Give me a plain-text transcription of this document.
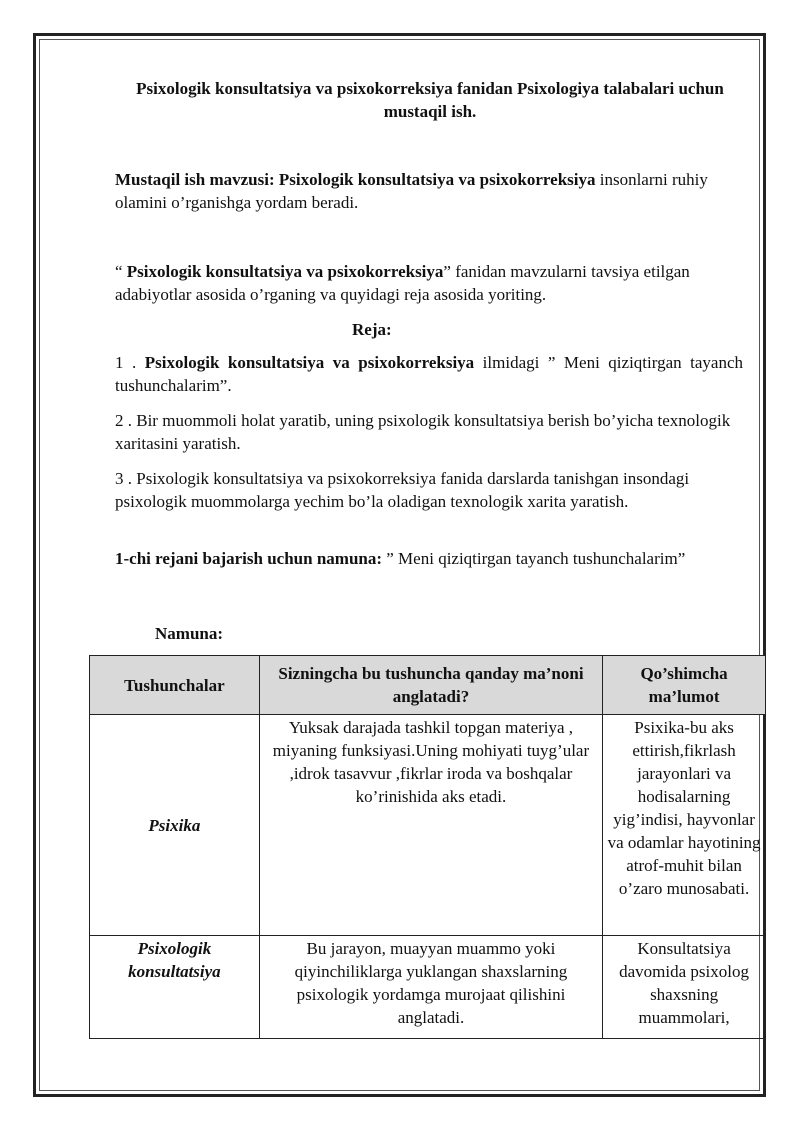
Psixologik konsultatsiya va psixokorreksiya fanidan Psixologiya talabalari uchun mustaqil ish.
Mustaqil ish mavzusi: Psixologik konsultatsiya va psixokorreksiya insonlarni ruhiy olamini o’rganishga yordam beradi.
“ Psixologik konsultatsiya va psixokorreksiya” fanidan mavzularni tavsiya etilgan adabiyotlar asosida o’rganing va quyidagi reja asosida yoriting.
Reja:
1 . Psixologik konsultatsiya va psixokorreksiya ilmidagi ” Meni qiziqtirgan tayanch tushunchalarim”.
2 . Bir muommoli holat yaratib, uning psixologik konsultatsiya berish bo’yicha texnologik xaritasini yaratish.
3 . Psixologik konsultatsiya va psixokorreksiya fanida darslarda tanishgan insondagi psixologik muommolarga yechim bo’la oladigan texnologik xarita yaratish.
1-chi rejani bajarish uchun namuna: ” Meni qiziqtirgan tayanch tushunchalarim”
Namuna:
Tushunchalar	Sizningcha bu tushuncha qanday ma’noni anglatadi?	Qo’shimcha ma’lumot
Psixika	Yuksak darajada tashkil topgan materiya , miyaning funksiyasi.Uning mohiyati tuyg’ular ,idrok tasavvur ,fikrlar iroda va boshqalar ko’rinishida aks etadi.	Psixika-bu aks ettirish,fikrlash jarayonlari va hodisalarning yig’indisi, hayvonlar va odamlar hayotining atrof-muhit bilan o’zaro munosabati.
Psixologik konsultatsiya	Bu jarayon, muayyan muammo yoki qiyinchiliklarga yuklangan shaxslarning psixologik yordamga murojaat qilishini anglatadi.	Konsultatsiya davomida psixolog shaxsning muammolari,
